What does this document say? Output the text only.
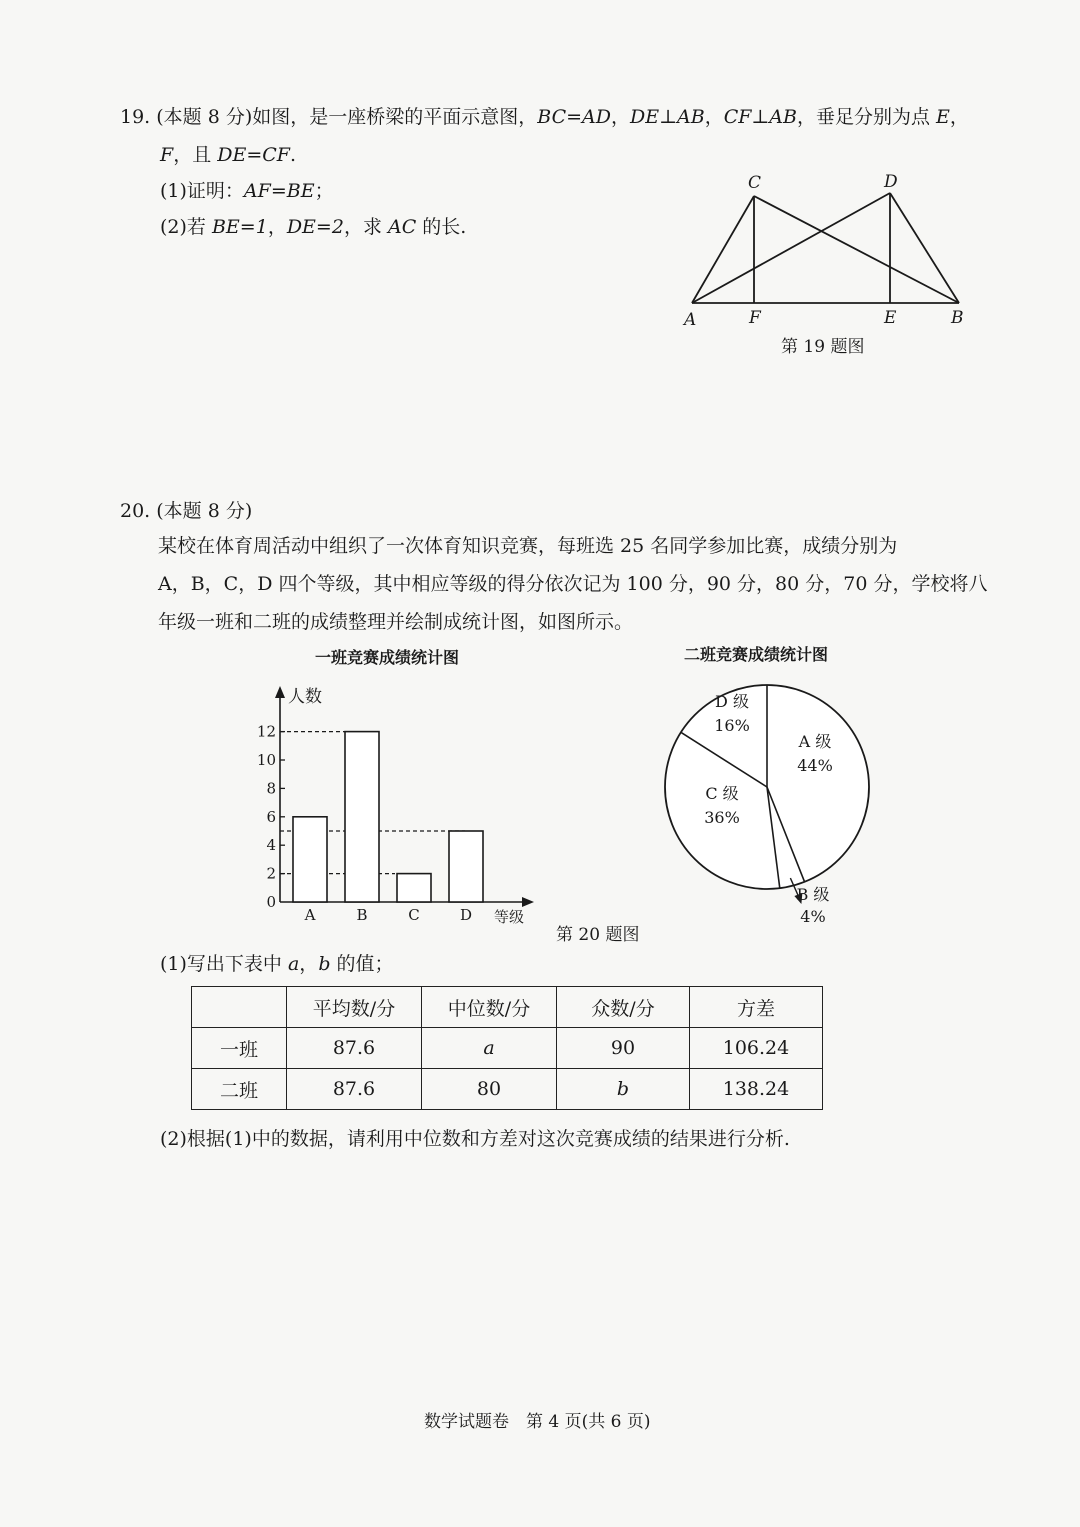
19. (本题 8 分)如图，是一座桥梁的平面示意图，BC=AD，DE⊥AB，CF⊥AB，垂足分别为点 E，
F，且 DE=CF.
(1)证明：AF=BE；
(2)若 BE=1，DE=2，求 AC 的长.
C	D
A	F	E	B
第 19 题图
20. (本题 8 分)
某校在体育周活动中组织了一次体育知识竞赛，每班选 25 名同学参加比赛，成绩分别为
A，B，C，D 四个等级，其中相应等级的得分依次记为 100 分，90 分，80 分，70 分，学校将八
年级一班和二班的成绩整理并绘制成统计图，如图所示。
一班竞赛成绩统计图
人数
等级
0
2
4
6
8
10
12
A	B	C	D
二班竞赛成绩统计图
A 级
44%
B 级
4%
C 级
36%
D 级
16%
第 20 题图
(1)写出下表中 a，b 的值；
	平均数/分	中位数/分	众数/分	方差
一班	87.6	a	90	106.24
二班	87.6	80	b	138.24
(2)根据(1)中的数据，请利用中位数和方差对这次竞赛成绩的结果进行分析.
数学试题卷　第 4 页(共 6 页)
